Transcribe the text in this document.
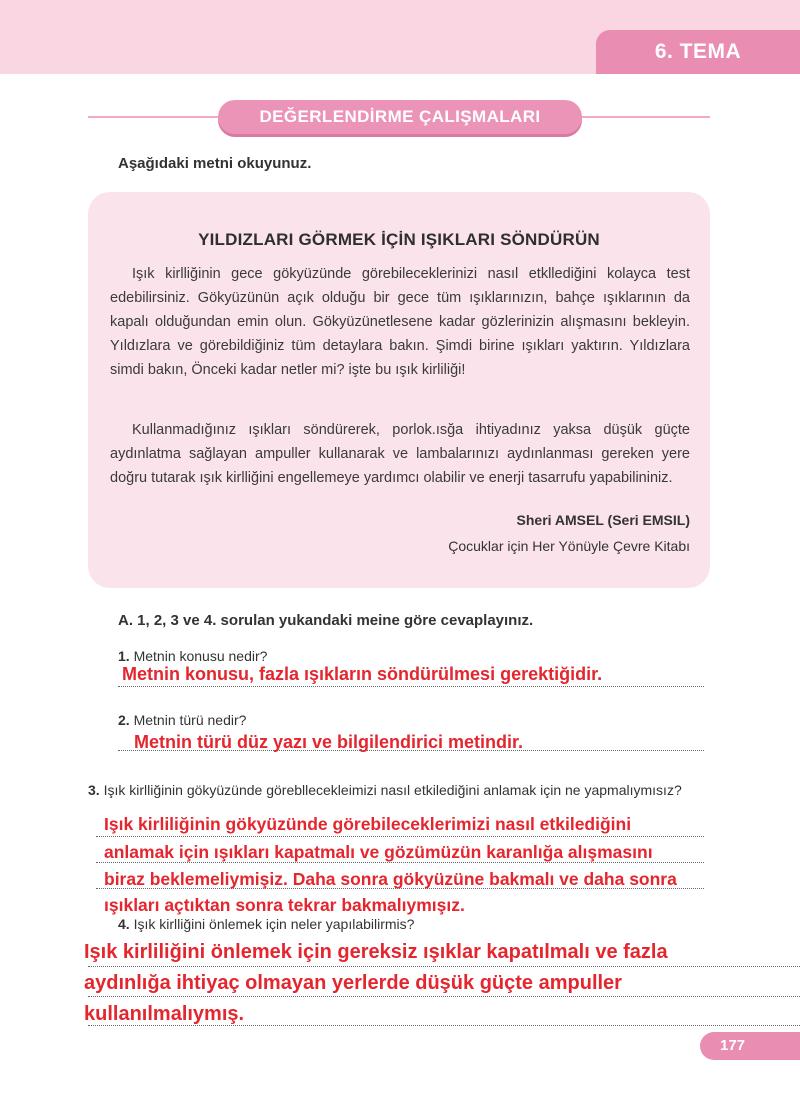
6. TEMA
DEĞERLENDİRME ÇALIŞMALARI
Aşağıdaki metni okuyunuz.
YILDIZLARI GÖRMEK İÇİN IŞIKLARI SÖNDÜRÜN

Işık kirlliğinin gece gökyüzünde görebileceklerinizi nasıl etkllediğini kolayca test edebilirsiniz. Gökyüzünün açık olduğu bir gece tüm ışıklarınızın, bahçe ışıklarının da kapalı olduğundan emin olun. Gökyüzünetlesene kadar gözlerinizin alışmasını bekleyin. Yıldızlara ve görebildiğiniz tüm detaylara bakın. Şimdi birine ışıkları yaktırın. Yıldızlara simdi bakın, Önceki kadar netler mi? işte bu ışık kirliliği!

Kullanmadığınız ışıkları söndürerek, porlok.ısğa ihtiyadınız yaksa düşük güçte aydınlatma sağlayan ampuller kullanarak ve lambalarınızı aydınlanması gereken yere doğru tutarak ışık kirlliğini engellemeye yardımcı olabilir ve enerji tasarrufu yapabilininiz.

Sheri AMSEL (Seri EMSIL)
Çocuklar için Her Yönüyle Çevre Kitabı
A. 1, 2, 3 ve 4. sorulan yukandaki meine göre cevaplayınız.
1. Metnin konusu nedir?
Metnin konusu, fazla ışıkların söndürülmesi gerektiğidir.
2. Metnin türü nedir?
Metnin türü düz yazı ve bilgilendirici metindir.
3. Işık kirlliğinin gökyüzünde görebllecekleimizi nasıl etkilediğini anlamak için ne yapmalıymısız?
Işık kirliliğinin gökyüzünde görebileceklerimizi nasıl etkilediğini
anlamak için ışıkları kapatmalı ve gözümüzün karanlığa alışmasını
biraz beklemeliymişiz. Daha sonra gökyüzüne bakmalı ve daha sonra
ışıkları açtıktan sonra tekrar bakmalıymışız.
4. Işık kirlliğini önlemek için neler yapılabilirmis?
Işık kirliliğini önlemek için gereksiz ışıklar kapatılmalı ve fazla
aydınlığa ihtiyaç olmayan yerlerde düşük güçte ampuller
kullanılmalıymış.
177
